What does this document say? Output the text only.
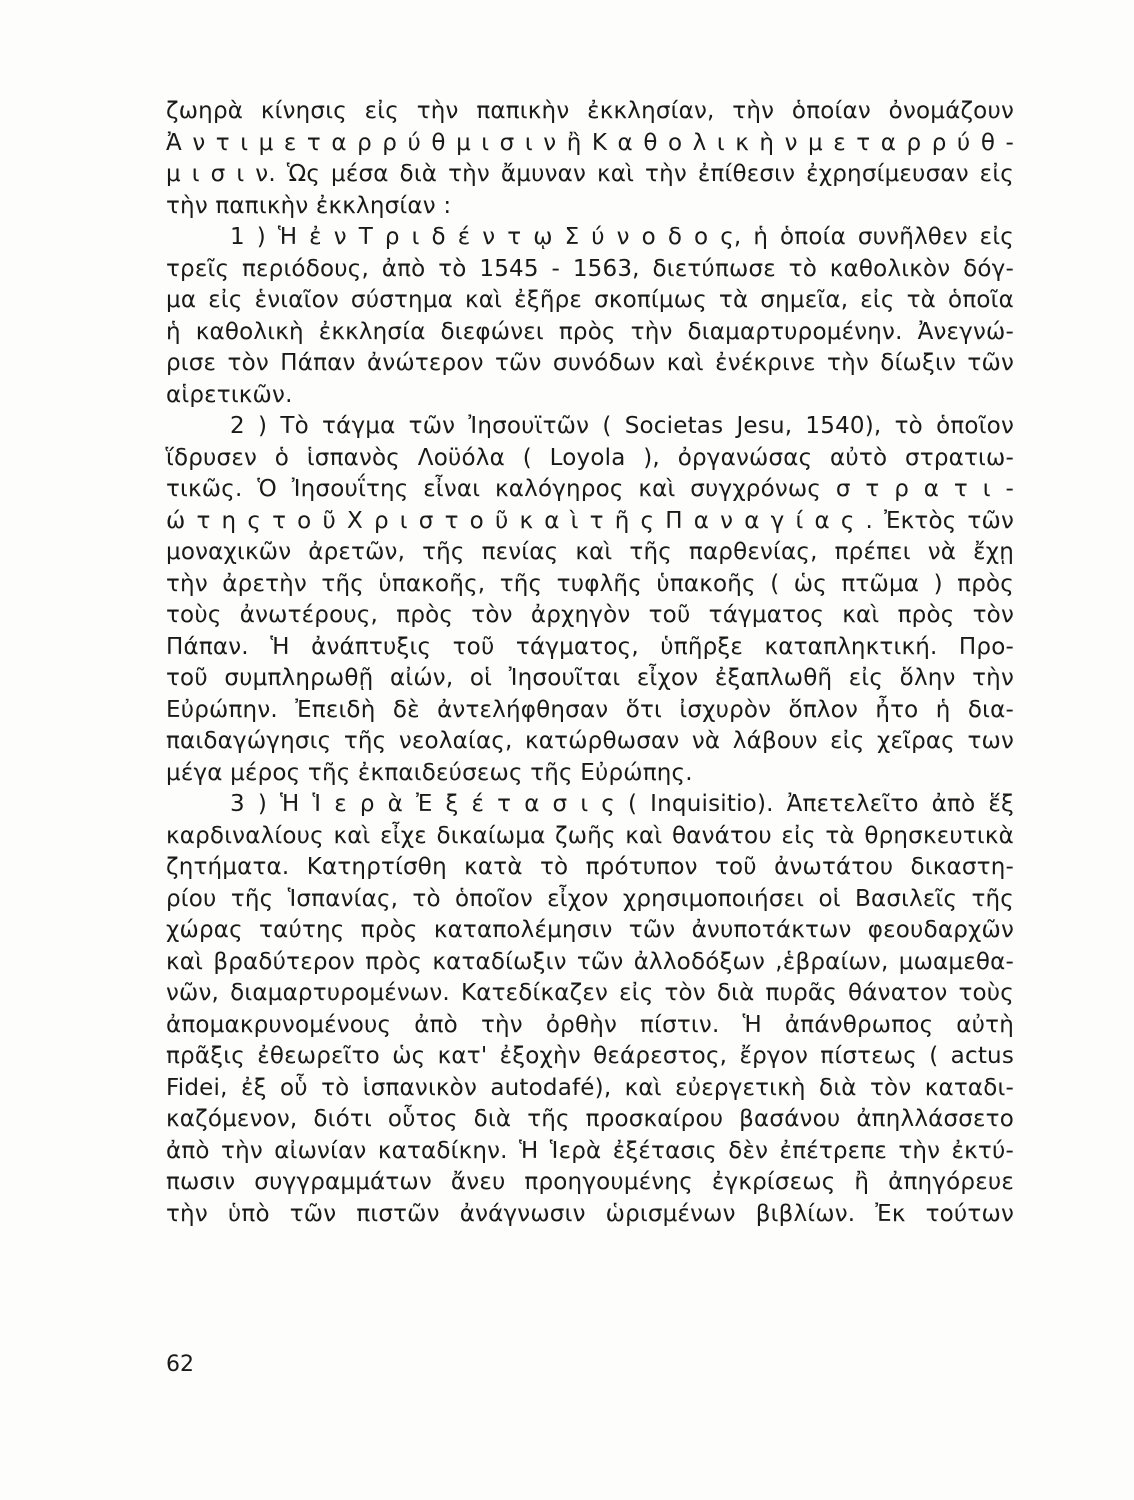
ζωηρὰ κίνησις εἰς τὴν παπικὴν ἐκκλησίαν, τὴν ὁποίαν ὀνομάζουν
Ἀ ν τ ι μ ε τ α ρ ρ ύ θ μ ι σ ι ν ἢ Κ α θ ο λ ι κ ὴ ν μ ε τ α ρ ρ ύ θ -
μ ι σ ι ν. Ὡς μέσα διὰ τὴν ἄμυναν καὶ τὴν ἐπίθεσιν ἐχρησίμευσαν εἰς
τὴν παπικὴν ἐκκλησίαν :
1 ) Ἡ ἐ ν Τ ρ ι δ έ ν τ ῳ Σ ύ ν ο δ ο ς, ἡ ὁποία συνῆλθεν εἰς
τρεῖς περιόδους, ἀπὸ τὸ 1545 - 1563, διετύπωσε τὸ καθολικὸν δόγ-
μα εἰς ἑνιαῖον σύστημα καὶ ἐξῆρε σκοπίμως τὰ σημεῖα, εἰς τὰ ὁποῖα
ἡ καθολικὴ ἐκκλησία διεφώνει πρὸς τὴν διαμαρτυρομένην. Ἀνεγνώ-
ρισε τὸν Πάπαν ἀνώτερον τῶν συνόδων καὶ ἐνέκρινε τὴν δίωξιν τῶν
αἱρετικῶν.
2 ) Τὸ τάγμα τῶν Ἰησουϊτῶν ( Societas Jesu, 1540), τὸ ὁποῖον
ἵδρυσεν ὁ ἱσπανὸς Λοϋόλα ( Loyola ), ὀργανώσας αὐτὸ στρατιω-
τικῶς. Ὁ Ἰησουΐτης εἶναι καλόγηρος καὶ συγχρόνως σ τ ρ α τ ι -
ώ τ η ς τ ο ῦ Χ ρ ι σ τ ο ῦ κ α ὶ τ ῆ ς Π α ν α γ ί α ς . Ἐκτὸς τῶν
μοναχικῶν ἀρετῶν, τῆς πενίας καὶ τῆς παρθενίας, πρέπει νὰ ἔχῃ
τὴν ἀρετὴν τῆς ὑπακοῆς, τῆς τυφλῆς ὑπακοῆς ( ὡς πτῶμα ) πρὸς
τοὺς ἀνωτέρους, πρὸς τὸν ἀρχηγὸν τοῦ τάγματος καὶ πρὸς τὸν
Πάπαν. Ἡ ἀνάπτυξις τοῦ τάγματος, ὑπῆρξε καταπληκτική. Προ-
τοῦ συμπληρωθῇ αἰών, οἱ Ἰησουῖται εἶχον ἐξαπλωθῆ εἰς ὅλην τὴν
Εὐρώπην. Ἐπειδὴ δὲ ἀντελήφθησαν ὅτι ἰσχυρὸν ὅπλον ἦτο ἡ δια-
παιδαγώγησις τῆς νεολαίας, κατώρθωσαν νὰ λάβουν εἰς χεῖρας των
μέγα μέρος τῆς ἐκπαιδεύσεως τῆς Εὐρώπης.
3 ) Ἡ Ἱ ε ρ ὰ Ἐ ξ έ τ α σ ι ς ( Inquisitio). Ἀπετελεῖτο ἀπὸ ἕξ
καρδιναλίους καὶ εἶχε δικαίωμα ζωῆς καὶ θανάτου εἰς τὰ θρησκευτικὰ
ζητήματα. Κατηρτίσθη κατὰ τὸ πρότυπον τοῦ ἀνωτάτου δικαστη-
ρίου τῆς Ἱσπανίας, τὸ ὁποῖον εἶχον χρησιμοποιήσει οἱ Βασιλεῖς τῆς
χώρας ταύτης πρὸς καταπολέμησιν τῶν ἀνυποτάκτων φεουδαρχῶν
καὶ βραδύτερον πρὸς καταδίωξιν τῶν ἀλλοδόξων ,ἑβραίων, μωαμεθα-
νῶν, διαμαρτυρομένων. Κατεδίκαζεν εἰς τὸν διὰ πυρᾶς θάνατον τοὺς
ἀπομακρυνομένους ἀπὸ τὴν ὀρθὴν πίστιν. Ἡ ἀπάνθρωπος αὐτὴ
πρᾶξις ἐθεωρεῖτο ὡς κατ' ἐξοχὴν θεάρεστος, ἔργον πίστεως ( actus
Fidei, ἐξ οὗ τὸ ἱσπανικὸν autodafé), καὶ εὐεργετικὴ διὰ τὸν καταδι-
καζόμενον, διότι οὗτος διὰ τῆς προσκαίρου βασάνου ἀπηλλάσσετο
ἀπὸ τὴν αἰωνίαν καταδίκην. Ἡ Ἱερὰ ἐξέτασις δὲν ἐπέτρεπε τὴν ἐκτύ-
πωσιν συγγραμμάτων ἄνευ προηγουμένης ἐγκρίσεως ἢ ἀπηγόρευε
τὴν ὑπὸ τῶν πιστῶν ἀνάγνωσιν ὡρισμένων βιβλίων. Ἐκ τούτων
62
